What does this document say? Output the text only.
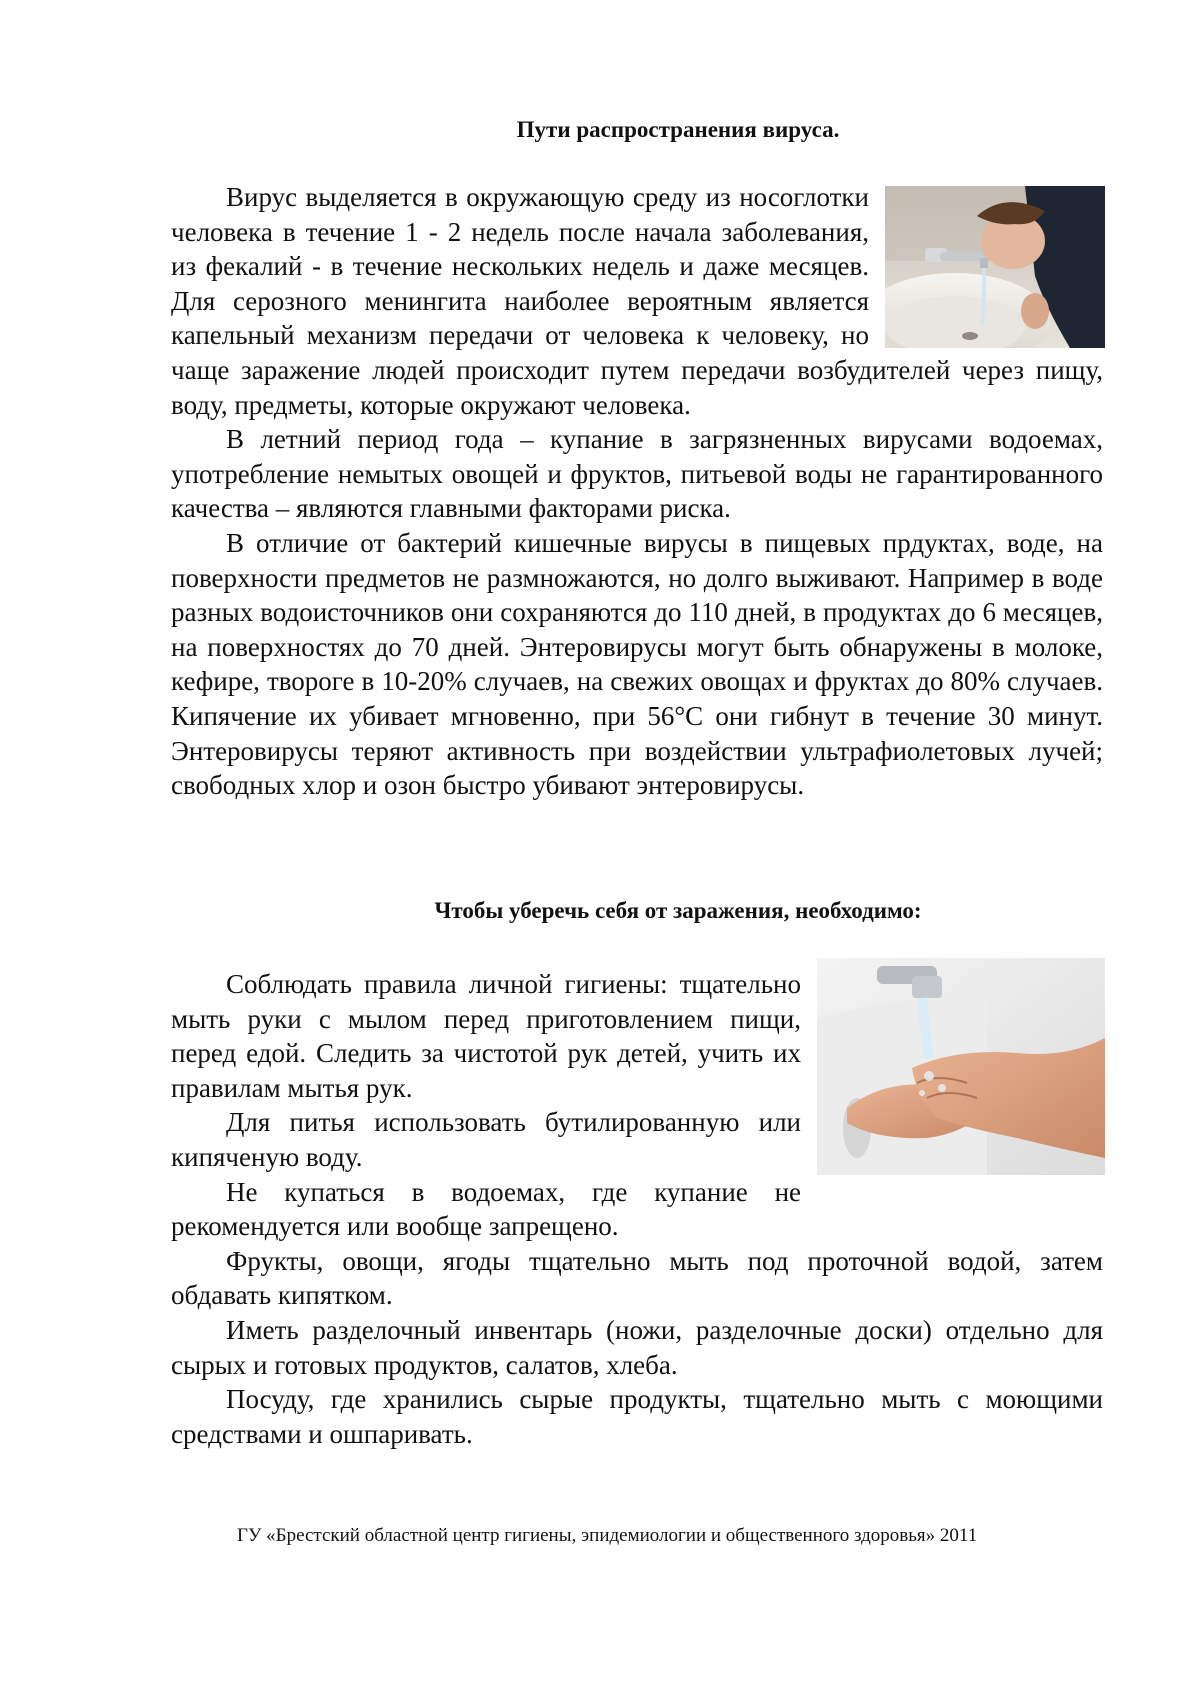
Пути распространения вируса.

Вирус выделяется в окружающую среду из носоглотки человека в течение 1 - 2 недель после начала заболевания, из фекалий - в течение нескольких недель и даже месяцев. Для серозного менингита наиболее вероятным является капельный механизм передачи от человека к человеку, но чаще заражение людей происходит путем передачи возбудителей через пищу, воду, предметы, которые окружают человека.

В летний период года – купание в загрязненных вирусами водоемах, употребление немытых овощей и фруктов, питьевой воды не гарантированного качества – являются главными факторами риска.

В отличие от бактерий кишечные вирусы в пищевых прдуктах, воде, на поверхности предметов не размножаются, но долго выживают. Например в воде разных водоисточников они сохраняются до 110 дней, в продуктах до 6 месяцев, на поверхностях до 70 дней. Энтеровирусы могут быть обнаружены в молоке, кефире, твороге в 10-20% случаев, на свежих овощах и фруктах до 80% случаев. Кипячение их убивает мгновенно, при 56°С они гибнут в течение 30 минут. Энтеровирусы теряют активность при воздействии ультрафиолетовых лучей; свободных хлор и озон быстро убивают энтеровирусы.

Чтобы уберечь себя от заражения, необходимо:

Соблюдать правила личной гигиены: тщательно мыть руки с мылом перед приготовлением пищи, перед едой. Следить за чистотой рук детей, учить их правилам мытья рук.

Для питья использовать бутилированную или кипяченую воду.

Не купаться в водоемах, где купание не рекомендуется или вообще запрещено.

Фрукты, овощи, ягоды тщательно мыть под проточной водой, затем обдавать кипятком.

Иметь разделочный инвентарь (ножи, разделочные доски) отдельно для сырых и готовых продуктов, салатов, хлеба.

Посуду, где хранились сырые продукты, тщательно мыть с моющими средствами и ошпаривать.

ГУ «Брестский областной центр гигиены, эпидемиологии и общественного здоровья» 2011
